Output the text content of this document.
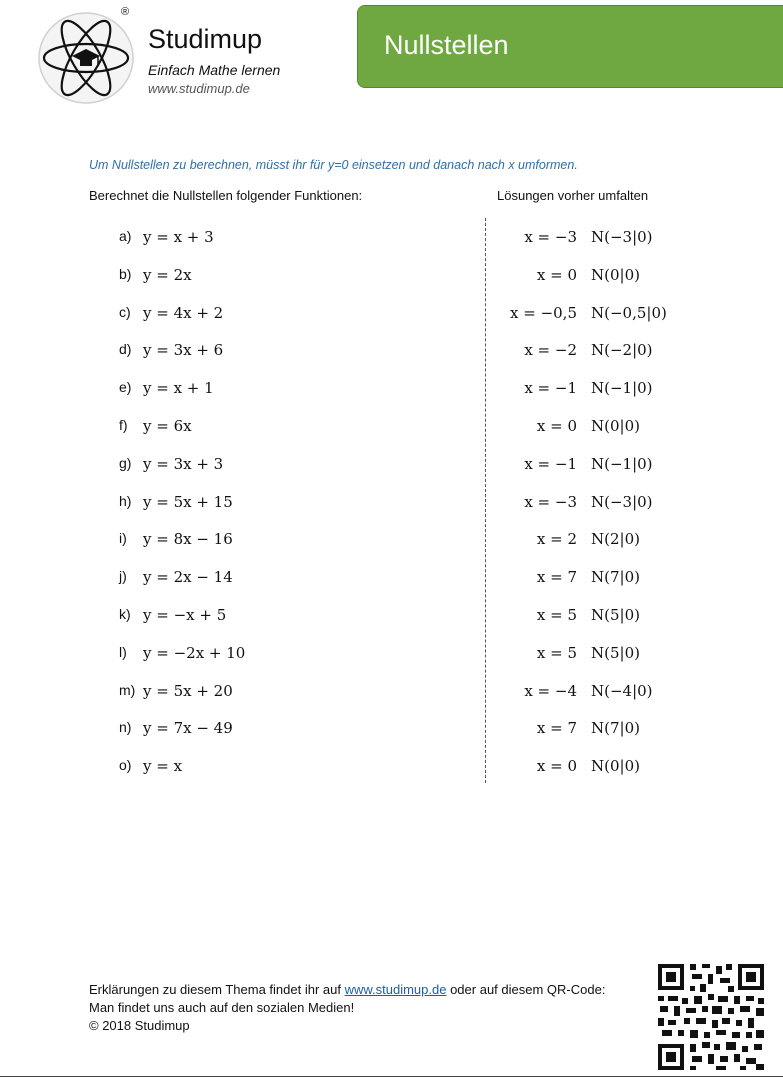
®
Studimup
Einfach Mathe lernen
www.studimup.de
Nullstellen
Um Nullstellen zu berechnen, müsst ihr für y=0 einsetzen und danach nach x umformen.
Berechnet die Nullstellen folgender Funktionen:	Lösungen vorher umfalten
a) y = x + 3	x = −3 N(−3|0)
b) y = 2x	x = 0 N(0|0)
c) y = 4x + 2	x = −0,5 N(−0,5|0)
d) y = 3x + 6	x = −2 N(−2|0)
e) y = x + 1	x = −1 N(−1|0)
f) y = 6x	x = 0 N(0|0)
g) y = 3x + 3	x = −1 N(−1|0)
h) y = 5x + 15	x = −3 N(−3|0)
i) y = 8x − 16	x = 2 N(2|0)
j) y = 2x − 14	x = 7 N(7|0)
k) y = −x + 5	x = 5 N(5|0)
l) y = −2x + 10	x = 5 N(5|0)
m) y = 5x + 20	x = −4 N(−4|0)
n) y = 7x − 49	x = 7 N(7|0)
o) y = x	x = 0 N(0|0)
Erklärungen zu diesem Thema findet ihr auf www.studimup.de oder auf diesem QR-Code:
Man findet uns auch auf den sozialen Medien!
© 2018 Studimup
